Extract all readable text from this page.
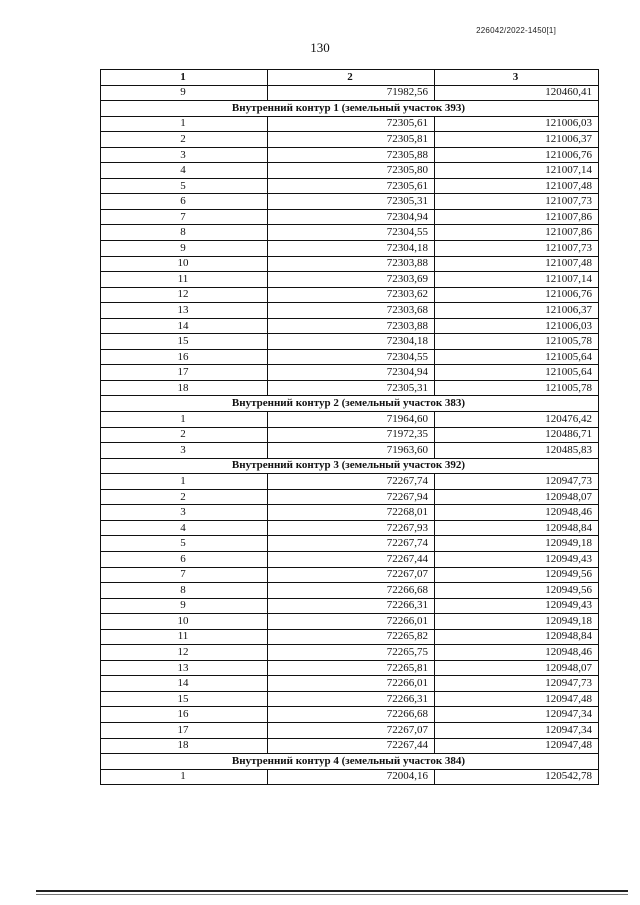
226042/2022-1450[1]
130
1	2	3
9	71982,56	120460,41
Внутренний контур 1 (земельный участок 393)		
1	72305,61	121006,03
2	72305,81	121006,37
3	72305,88	121006,76
4	72305,80	121007,14
5	72305,61	121007,48
6	72305,31	121007,73
7	72304,94	121007,86
8	72304,55	121007,86
9	72304,18	121007,73
10	72303,88	121007,48
11	72303,69	121007,14
12	72303,62	121006,76
13	72303,68	121006,37
14	72303,88	121006,03
15	72304,18	121005,78
16	72304,55	121005,64
17	72304,94	121005,64
18	72305,31	121005,78
Внутренний контур 2 (земельный участок 383)		
1	71964,60	120476,42
2	71972,35	120486,71
3	71963,60	120485,83
Внутренний контур 3 (земельный участок 392)		
1	72267,74	120947,73
2	72267,94	120948,07
3	72268,01	120948,46
4	72267,93	120948,84
5	72267,74	120949,18
6	72267,44	120949,43
7	72267,07	120949,56
8	72266,68	120949,56
9	72266,31	120949,43
10	72266,01	120949,18
11	72265,82	120948,84
12	72265,75	120948,46
13	72265,81	120948,07
14	72266,01	120947,73
15	72266,31	120947,48
16	72266,68	120947,34
17	72267,07	120947,34
18	72267,44	120947,48
Внутренний контур 4 (земельный участок 384)		
1	72004,16	120542,78
